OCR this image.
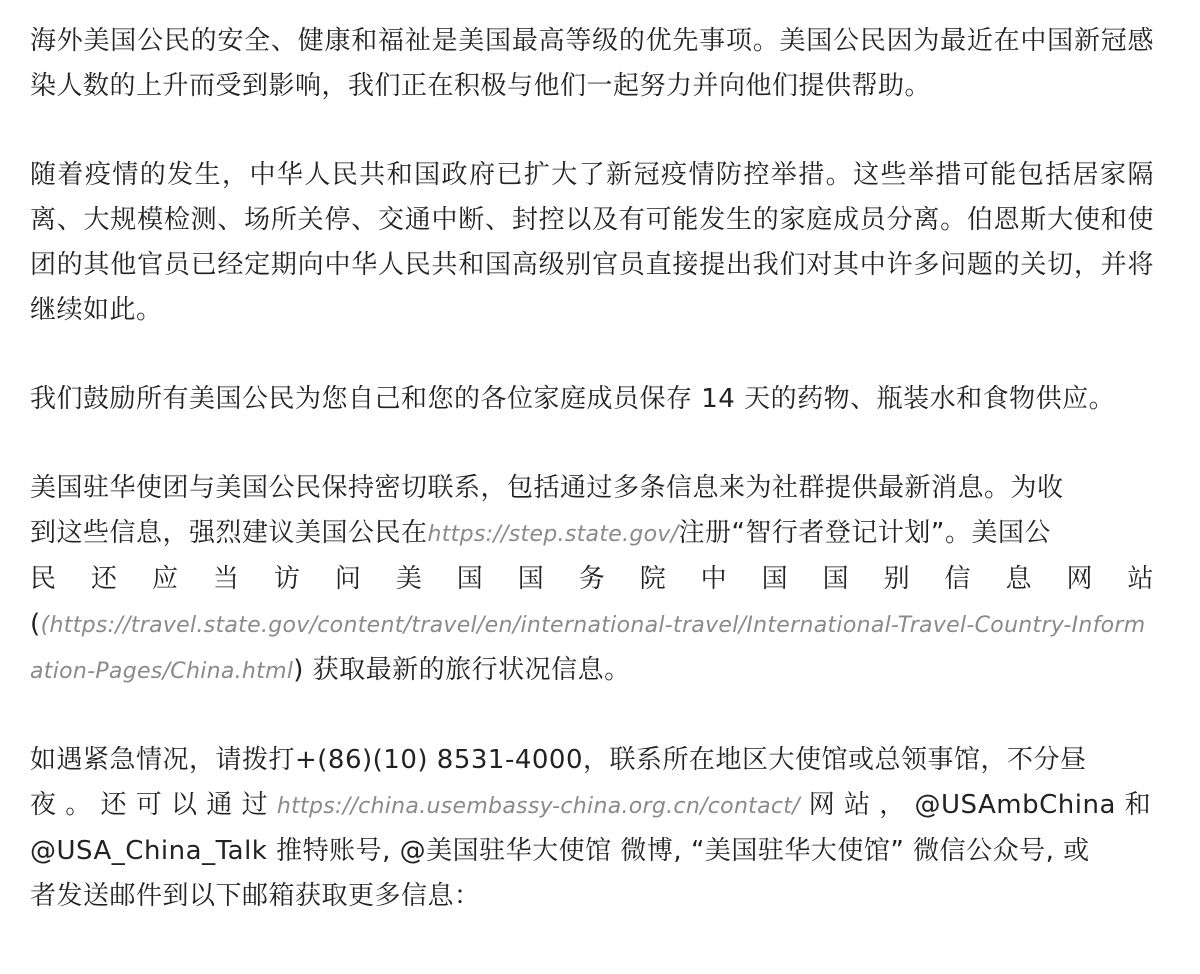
海外美国公民的安全、健康和福祉是美国最高等级的优先事项。美国公民因为最近在中国新冠感染人数的上升而受到影响，我们正在积极与他们一起努力并向他们提供帮助。

随着疫情的发生，中华人民共和国政府已扩大了新冠疫情防控举措。这些举措可能包括居家隔离、大规模检测、场所关停、交通中断、封控以及有可能发生的家庭成员分离。伯恩斯大使和使团的其他官员已经定期向中华人民共和国高级别官员直接提出我们对其中许多问题的关切，并将继续如此。

我们鼓励所有美国公民为您自己和您的各位家庭成员保存 14 天的药物、瓶装水和食物供应。

美国驻华使团与美国公民保持密切联系，包括通过多条信息来为社群提供最新消息。为收
到这些信息，强烈建议美国公民在https://step.state.gov/注册“智行者登记计划”。美国公
民 还 应 当 访 问 美 国 国 务 院 中 国 国 别 信 息 网 站
((https://travel.state.gov/content/travel/en/international-travel/International-Travel-Country-Information-Pages/China.html) 获取最新的旅行状况信息。
如遇紧急情况，请拨打+(86)(10) 8531-4000，联系所在地区大使馆或总领事馆，不分昼
夜 。 还 可 以 通 过 https://china.usembassy-china.org.cn/contact/ 网 站 ， @USAmbChina 和
@USA_China_Talk 推特账号, @美国驻华大使馆 微博, “美国驻华大使馆” 微信公众号, 或
者发送邮件到以下邮箱获取更多信息：
